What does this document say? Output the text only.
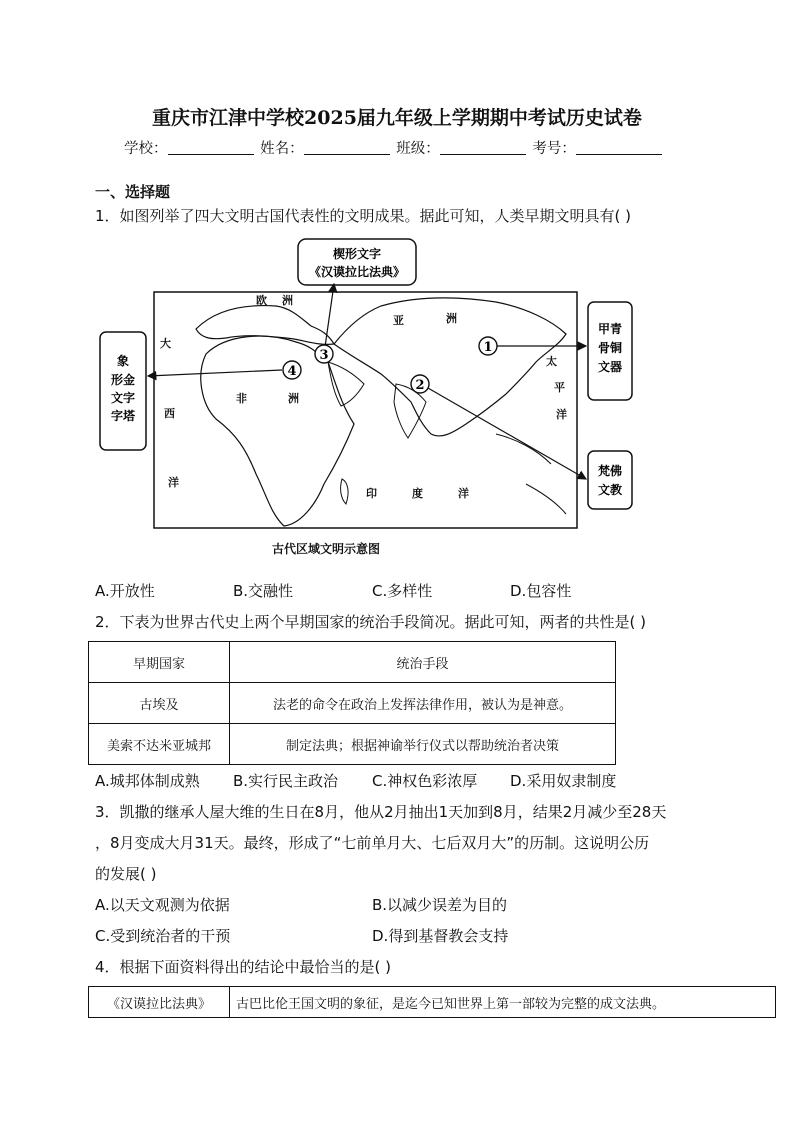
重庆市江津中学校2025届九年级上学期期中考试历史试卷
学校：	姓名：	班级：	考号：
一、选择题
1．如图列举了四大文明古国代表性的文明成果。据此可知，人类早期文明具有( )
楔形文字
《汉谟拉比法典》
甲青
骨铜
文器
梵佛
文教
象
形金
文字
字塔
3
4
1
2
欧 洲
亚	洲
大
西
洋
非	洲
太
平
洋
印	度	洋
古代区域文明示意图
A.开放性	B.交融性	C.多样性	D.包容性
2．下表为世界古代史上两个早期国家的统治手段简况。据此可知，两者的共性是( )
早期国家	统治手段
古埃及	法老的命令在政治上发挥法律作用，被认为是神意。
美索不达米亚城邦	制定法典；根据神谕举行仪式以帮助统治者决策
A.城邦体制成熟 B.实行民主政治 C.神权色彩浓厚 D.采用奴隶制度
3．凯撒的继承人屋大维的生日在8月，他从2月抽出1天加到8月，结果2月减少至28天
，8月变成大月31天。最终，形成了“七前单月大、七后双月大”的历制。这说明公历
的发展( )
A.以天文观测为依据	B.以减少误差为目的
C.受到统治者的干预	D.得到基督教会支持
4．根据下面资料得出的结论中最恰当的是( )
《汉谟拉比法典》	古巴比伦王国文明的象征，是迄今已知世界上第一部较为完整的成文法典。
